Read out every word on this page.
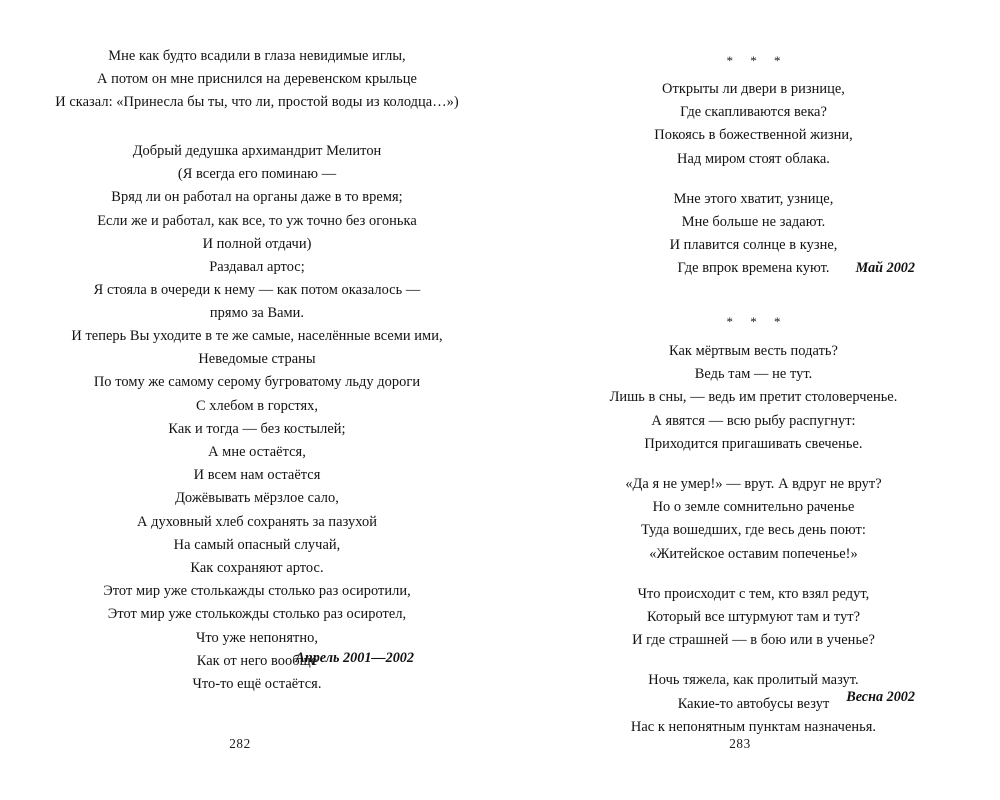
Мне как будто всадили в глаза невидимые иглы,
А потом он мне приснился на деревенском крыльце
И сказал: «Принесла бы ты, что ли, простой воды из колодца…»)
Добрый дедушка архимандрит Мелитон
(Я всегда его поминаю —
Вряд ли он работал на органы даже в то время;
Если же и работал, как все, то уж точно без огонька
И полной отдачи)
Раздавал артос;
Я стояла в очереди к нему — как потом оказалось —
прямо за Вами.
И теперь Вы уходите в те же самые, населённые всеми ими,
Неведомые страны
По тому же самому серому бугроватому льду дороги
С хлебом в горстях,
Как и тогда — без костылей;
А мне остаётся,
И всем нам остаётся
Дожёвывать мёрзлое сало,
А духовный хлеб сохранять за пазухой
На самый опасный случай,
Как сохраняют артос.
Этот мир уже столькажды столько раз осиротили,
Этот мир уже столькожды столько раз осиротел,
Что уже непонятно,
Как от него вообще
Что-то ещё остаётся.
Апрель 2001—2002
282
* * *
Открыты ли двери в ризнице,
Где скапливаются века?
Покоясь в божественной жизни,
Над миром стоят облака.
Мне этого хватит, узнице,
Мне больше не задают.
И плавится солнце в кузне,
Где впрок времена куют.	Май 2002
* * *
Как мёртвым весть подать?
Ведь там — не тут.
Лишь в сны, — ведь им претит столоверченье.
А явятся — всю рыбу распугнут:
Приходится пригашивать свеченье.
«Да я не умер!» — врут. А вдруг не врут?
Но о земле сомнительно раченье
Туда вошедших, где весь день поют:
«Житейское оставим попеченье!»
Что происходит с тем, кто взял редут,
Который все штурмуют там и тут?
И где страшней — в бою или в ученье?
Ночь тяжела, как пролитый мазут.
Какие-то автобусы везут
Нас к непонятным пунктам назначенья.
Весна 2002
283
